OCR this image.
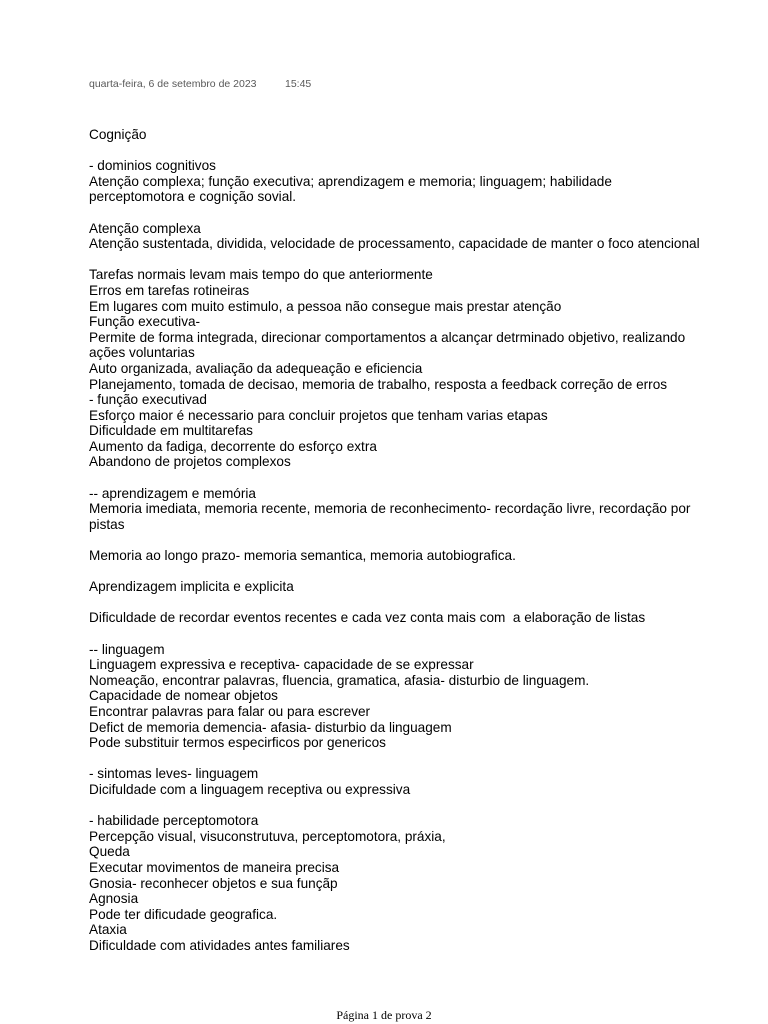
quarta-feira, 6 de setembro de 2023	15:45
Cognição
- dominios cognitivos
Atenção complexa; função executiva; aprendizagem e memoria; linguagem; habilidade
perceptomotora e cognição sovial.
Atenção complexa
Atenção sustentada, dividida, velocidade de processamento, capacidade de manter o foco atencional
Tarefas normais levam mais tempo do que anteriormente
Erros em tarefas rotineiras
Em lugares com muito estimulo, a pessoa não consegue mais prestar atenção
Função executiva-
Permite de forma integrada, direcionar comportamentos a alcançar detrminado objetivo, realizando
ações voluntarias
Auto organizada, avaliação da adequeação e eficiencia
Planejamento, tomada de decisao, memoria de trabalho, resposta a feedback correção de erros
- função executivad
Esforço maior é necessario para concluir projetos que tenham varias etapas
Dificuldade em multitarefas
Aumento da fadiga, decorrente do esforço extra
Abandono de projetos complexos
-- aprendizagem e memória
Memoria imediata, memoria recente, memoria de reconhecimento- recordação livre, recordação por
pistas
Memoria ao longo prazo- memoria semantica, memoria autobiografica.
Aprendizagem implicita e explicita
Dificuldade de recordar eventos recentes e cada vez conta mais com  a elaboração de listas
-- linguagem
Linguagem expressiva e receptiva- capacidade de se expressar
Nomeação, encontrar palavras, fluencia, gramatica, afasia- disturbio de linguagem.
Capacidade de nomear objetos
Encontrar palavras para falar ou para escrever
Defict de memoria demencia- afasia- disturbio da linguagem
Pode substituir termos especirficos por genericos
- sintomas leves- linguagem
Dicifuldade com a linguagem receptiva ou expressiva
- habilidade perceptomotora
Percepção visual, visuconstrutuva, perceptomotora, práxia,
Queda
Executar movimentos de maneira precisa
Gnosia- reconhecer objetos e sua funçãp
Agnosia
Pode ter dificudade geografica.
Ataxia
Dificuldade com atividades antes familiares
Página 1 de prova 2
